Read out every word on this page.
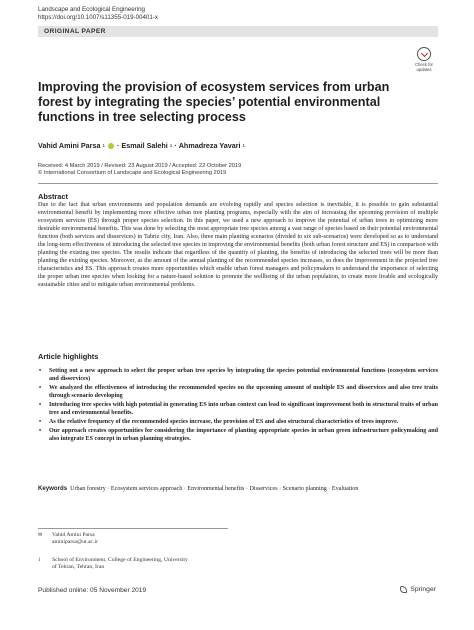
Landscape and Ecological Engineering
https://doi.org/10.1007/s11355-019-00401-x
ORIGINAL PAPER
Check for
updates
Improving the provision of ecosystem services from urban forest by integrating the species’ potential environmental functions in tree selecting process
Vahid Amini Parsa 1 · Esmail Salehi 1 · Ahmadreza Yavari 1
Received: 4 March 2019 / Revised: 23 August 2019 / Accepted: 22 October 2019
© International Consortium of Landscape and Ecological Engineering 2019
Abstract

Due to the fact that urban environments and population demands are evolving rapidly and species selection is inevitable, it is possible to gain substantial environmental benefit by implementing more effective urban tree planting programs, especially with the aim of increasing the upcoming provision of multiple ecosystem services (ES) through proper species selection. In this paper, we used a new approach to improve the potential of urban trees in optimizing more desirable environmental benefits. This was done by selecting the most appropriate tree species among a vast range of species based on their potential environmental function (both services and disservices) in Tabriz city, Iran. Also, three main planting scenarios (divided to six sub-scenarios) were developed so as to understand the long-term effectiveness of introducing the selected tree species in improving the environmental benefits (both urban forest structure and ES) in comparison with planting the existing tree species. The results indicate that regardless of the quantity of planting, the benefits of introducing the selected trees will be more than planting the existing species. Moreover, as the amount of the annual planting of the recommended species increases, so does the improvement in the projected tree characteristics and ES. This approach creates more opportunities which enable urban forest managers and policymakers to understand the importance of selecting the proper urban tree species when looking for a nature-based solution to promote the wellbeing of the urban population, to create more livable and ecologically sustainable cities and to mitigate urban environmental problems.

Article highlights
• Setting out a new approach to select the proper urban tree species by integrating the species potential environmental functions (ecosystem services and disservices)
• We analyzed the effectiveness of introducing the recommended species on the upcoming amount of multiple ES and disservices and also tree traits through scenario developing
• Introducing tree species with high potential in generating ES into urban context can lead to significant improvement both in structural traits of urban tree and environmental benefits.
• As the relative frequency of the recommended species increase, the provision of ES and also structural characteristics of trees improve.
• Our approach creates opportunities for considering the importance of planting appropriate species in urban green infrastructure policymaking and also integrate ES concept in urban planning strategies.
Keywords Urban forestry · Ecosystem services approach · Environmental benefits · Disservices · Scenario planning · Evaluation
✉ Vahid Amini Parsa
aminiparsa@ut.ac.ir
1 School of Environment, College of Engineering, University
of Tehran, Tehran, Iran
Published online: 05 November 2019	Springer
